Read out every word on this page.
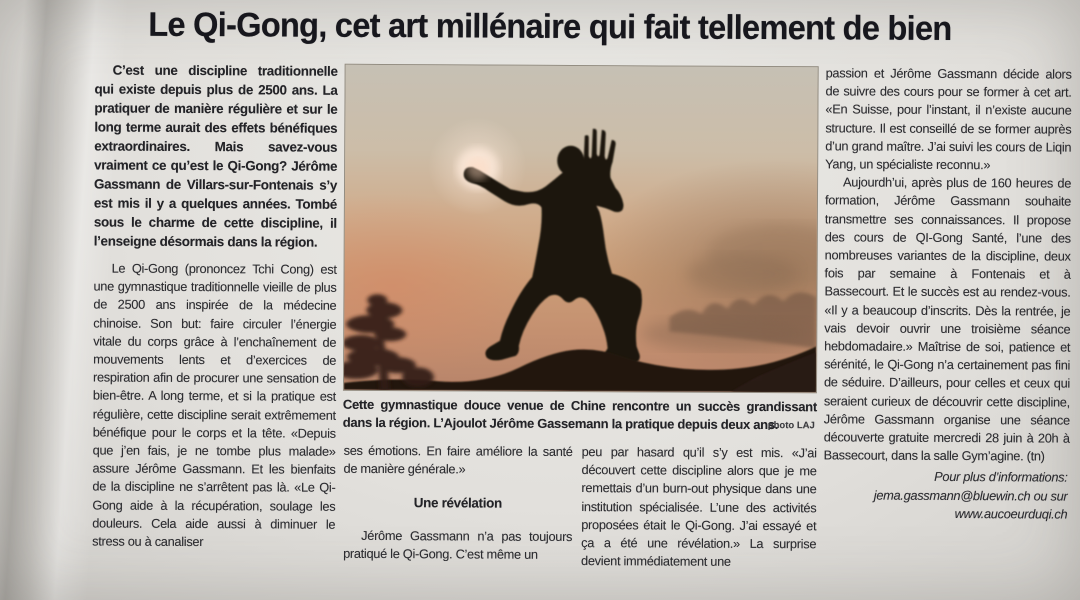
Le Qi-Gong, cet art millénaire qui fait tellement de bien

C’est une discipline traditionnelle qui existe depuis plus de 2500 ans. La pratiquer de manière régulière et sur le long terme aurait des effets bénéfiques extraordinaires. Mais savez-vous vraiment ce qu’est le Qi-Gong? Jérôme Gassmann de Villars-sur-Fontenais s’y est mis il y a quelques années. Tombé sous le charme de cette discipline, il l’enseigne désormais dans la région.

Le Qi-Gong (prononcez Tchi Cong) est une gymnastique traditionnelle vieille de plus de 2500 ans inspirée de la médecine chinoise. Son but: faire circuler l’énergie vitale du corps grâce à l’enchaînement de mouvements lents et d’exercices de respiration afin de procurer une sensation de bien-être. A long terme, et si la pratique est régulière, cette discipline serait extrêmement bénéfique pour le corps et la tête. «Depuis que j’en fais, je ne tombe plus malade» assure Jérôme Gassmann. Et les bienfaits de la discipline ne s’arrêtent pas là. «Le Qi-Gong aide à la récupération, soulage les douleurs. Cela aide aussi à diminuer le stress ou à canaliser

Cette gymnastique douce venue de Chine rencontre un succès grandissant dans la région. L’Ajoulot Jérôme Gassemann la pratique depuis deux ans.
photo LAJ

ses émotions. En faire améliore la santé de manière générale.»

Une révélation

Jérôme Gassmann n’a pas toujours pratiqué le Qi-Gong. C’est même un

peu par hasard qu’il s’y est mis. «J’ai découvert cette discipline alors que je me remettais d’un burn-out physique dans une institution spécialisée. L’une des activités proposées était le Qi-Gong. J’ai essayé et ça a été une révélation.» La surprise devient immédiatement une

passion et Jérôme Gassmann décide alors de suivre des cours pour se former à cet art. «En Suisse, pour l’instant, il n’existe aucune structure. Il est conseillé de se former auprès d’un grand maître. J’ai suivi les cours de Liqin Yang, un spécialiste reconnu.»

Aujourdh’ui, après plus de 160 heures de formation, Jérôme Gassmann souhaite transmettre ses connaissances. Il propose des cours de QI-Gong Santé, l’une des nombreuses variantes de la discipline, deux fois par semaine à Fontenais et à Bassecourt. Et le succès est au rendez-vous. «Il y a beaucoup d’inscrits. Dès la rentrée, je vais devoir ouvrir une troisième séance hebdomadaire.» Maîtrise de soi, patience et sérénité, le Qi-Gong n’a certainement pas fini de séduire. D’ailleurs, pour celles et ceux qui seraient curieux de découvrir cette discipline, Jérôme Gassmann organise une séance découverte gratuite mercredi 28 juin à 20h à Bassecourt, dans la salle Gym’agine. (tn)

Pour plus d’informations:
jema.gassmann@bluewin.ch ou sur
www.aucoeurduqi.ch
